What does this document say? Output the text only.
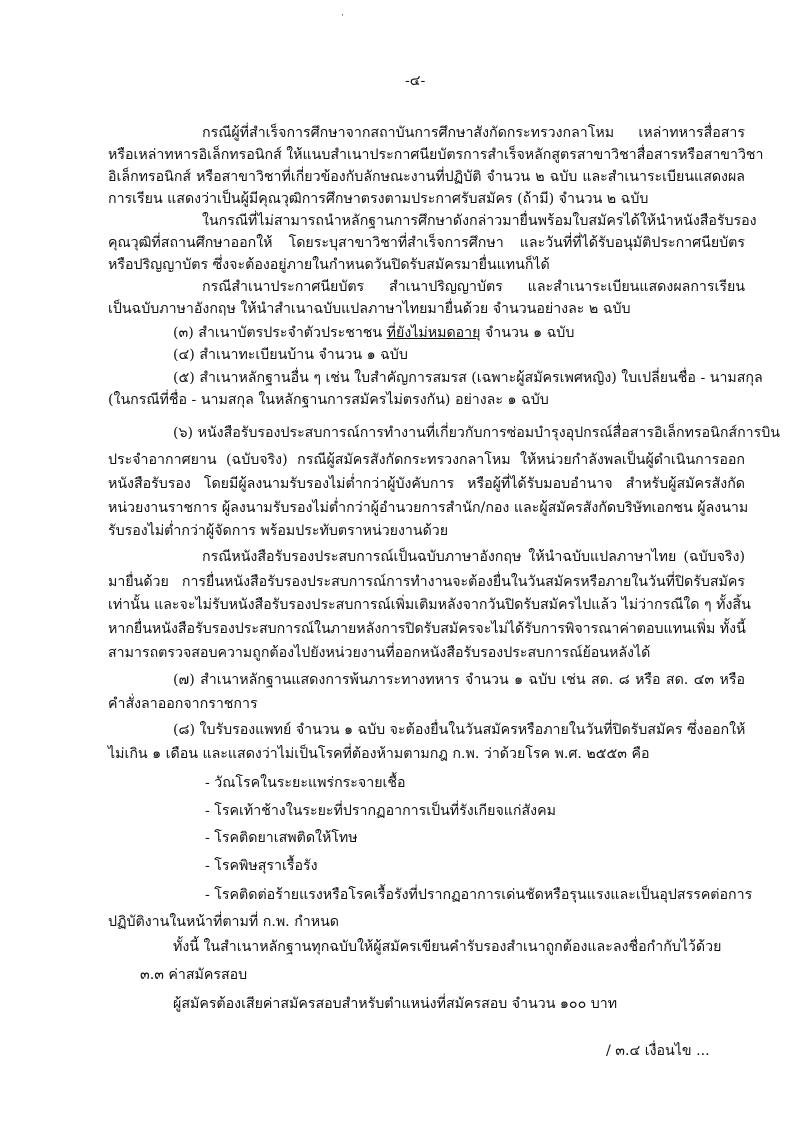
˙
-๔-
กรณีผู้ที่สำเร็จการศึกษาจากสถาบันการศึกษาสังกัดกระทรวงกลาโหม เหล่าทหารสื่อสาร
หรือเหล่าทหารอิเล็กทรอนิกส์ ให้แนบสำเนาประกาศนียบัตรการสำเร็จหลักสูตรสาขาวิชาสื่อสารหรือสาขาวิชา
อิเล็กทรอนิกส์ หรือสาขาวิชาที่เกี่ยวข้องกับลักษณะงานที่ปฏิบัติ จำนวน ๒ ฉบับ และสำเนาระเบียนแสดงผล
การเรียน แสดงว่าเป็นผู้มีคุณวุฒิการศึกษาตรงตามประกาศรับสมัคร (ถ้ามี) จำนวน ๒ ฉบับ
ในกรณีที่ไม่สามารถนำหลักฐานการศึกษาดังกล่าวมายื่นพร้อมใบสมัครได้ให้นำหนังสือรับรอง
คุณวุฒิที่สถานศึกษาออกให้ โดยระบุสาขาวิชาที่สำเร็จการศึกษา และวันที่ที่ได้รับอนุมัติประกาศนียบัตร
หรือปริญญาบัตร ซึ่งจะต้องอยู่ภายในกำหนดวันปิดรับสมัครมายื่นแทนก็ได้
กรณีสำเนาประกาศนียบัตร สำเนาปริญญาบัตร และสำเนาระเบียนแสดงผลการเรียน
เป็นฉบับภาษาอังกฤษ ให้นำสำเนาฉบับแปลภาษาไทยมายื่นด้วย จำนวนอย่างละ ๒ ฉบับ
(๓) สำเนาบัตรประจำตัวประชาชน ที่ยังไม่หมดอายุ จำนวน ๑ ฉบับ
(๔) สำเนาทะเบียนบ้าน จำนวน ๑ ฉบับ
(๕) สำเนาหลักฐานอื่น ๆ เช่น ใบสำคัญการสมรส (เฉพาะผู้สมัครเพศหญิง) ใบเปลี่ยนชื่อ - นามสกุล
(ในกรณีที่ชื่อ - นามสกุล ในหลักฐานการสมัครไม่ตรงกัน) อย่างละ ๑ ฉบับ
(๖) หนังสือรับรองประสบการณ์การทำงานที่เกี่ยวกับการซ่อมบำรุงอุปกรณ์สื่อสารอิเล็กทรอนิกส์การบิน
ประจำอากาศยาน (ฉบับจริง) กรณีผู้สมัครสังกัดกระทรวงกลาโหม ให้หน่วยกำลังพลเป็นผู้ดำเนินการออก
หนังสือรับรอง โดยมีผู้ลงนามรับรองไม่ต่ำกว่าผู้บังคับการ หรือผู้ที่ได้รับมอบอำนาจ สำหรับผู้สมัครสังกัด
หน่วยงานราชการ ผู้ลงนามรับรองไม่ต่ำกว่าผู้อำนวยการสำนัก/กอง และผู้สมัครสังกัดบริษัทเอกชน ผู้ลงนาม
รับรองไม่ต่ำกว่าผู้จัดการ พร้อมประทับตราหน่วยงานด้วย
กรณีหนังสือรับรองประสบการณ์เป็นฉบับภาษาอังกฤษ ให้นำฉบับแปลภาษาไทย (ฉบับจริง)
มายื่นด้วย การยื่นหนังสือรับรองประสบการณ์การทำงานจะต้องยื่นในวันสมัครหรือภายในวันที่ปิดรับสมัคร
เท่านั้น และจะไม่รับหนังสือรับรองประสบการณ์เพิ่มเติมหลังจากวันปิดรับสมัครไปแล้ว ไม่ว่ากรณีใด ๆ ทั้งสิ้น
หากยื่นหนังสือรับรองประสบการณ์ในภายหลังการปิดรับสมัครจะไม่ได้รับการพิจารณาค่าตอบแทนเพิ่ม ทั้งนี้
สามารถตรวจสอบความถูกต้องไปยังหน่วยงานที่ออกหนังสือรับรองประสบการณ์ย้อนหลังได้
(๗) สำเนาหลักฐานแสดงการพ้นภาระทางทหาร จำนวน ๑ ฉบับ เช่น สด. ๘ หรือ สด. ๔๓ หรือ
คำสั่งลาออกจากราชการ
(๘) ใบรับรองแพทย์ จำนวน ๑ ฉบับ จะต้องยื่นในวันสมัครหรือภายในวันที่ปิดรับสมัคร ซึ่งออกให้
ไม่เกิน ๑ เดือน และแสดงว่าไม่เป็นโรคที่ต้องห้ามตามกฎ ก.พ. ว่าด้วยโรค พ.ศ. ๒๕๕๓ คือ
- วัณโรคในระยะแพร่กระจายเชื้อ
- โรคเท้าช้างในระยะที่ปรากฏอาการเป็นที่รังเกียจแก่สังคม
- โรคติดยาเสพติดให้โทษ
- โรคพิษสุราเรื้อรัง
- โรคติดต่อร้ายแรงหรือโรคเรื้อรังที่ปรากฏอาการเด่นชัดหรือรุนแรงและเป็นอุปสรรคต่อการ
ปฏิบัติงานในหน้าที่ตามที่ ก.พ. กำหนด
ทั้งนี้ ในสำเนาหลักฐานทุกฉบับให้ผู้สมัครเขียนคำรับรองสำเนาถูกต้องและลงชื่อกำกับไว้ด้วย
๓.๓ ค่าสมัครสอบ
ผู้สมัครต้องเสียค่าสมัครสอบสำหรับตำแหน่งที่สมัครสอบ จำนวน ๑๐๐ บาท
/ ๓.๔ เงื่อนไข ...
